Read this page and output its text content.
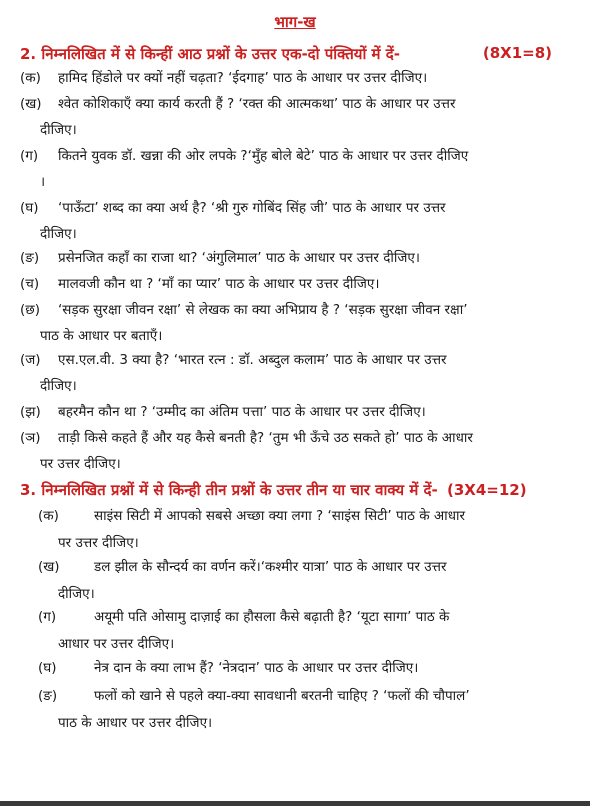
भाग-ख
2. निम्नलिखित में से किन्हीं आठ प्रश्नों के उत्तर एक-दो पंक्तियों में दें-	(8X1=8)
(क) हामिद हिंडोले पर क्यों नहीं चढ़ता? ‘ईदगाह’ पाठ के आधार पर उत्तर दीजिए।
(ख) श्वेत कोशिकाएँ क्या कार्य करती हैं ? ‘रक्त की आत्मकथा’ पाठ के आधार पर उत्तर
दीजिए।
(ग) कितने युवक डॉ. खन्ना की ओर लपके ?‘मुँह बोले बेटे’ पाठ के आधार पर उत्तर दीजिए
।
(घ) ‘पाऊँटा’ शब्द का क्या अर्थ है? ‘श्री गुरु गोबिंद सिंह जी’ पाठ के आधार पर उत्तर
दीजिए।
(ङ) प्रसेनजित कहाँ का राजा था? ‘अंगुलिमाल’ पाठ के आधार पर उत्तर दीजिए।
(च) मालवजी कौन था ? ‘माँ का प्यार’ पाठ के आधार पर उत्तर दीजिए।
(छ) ‘सड़क सुरक्षा जीवन रक्षा’ से लेखक का क्या अभिप्राय है ? ‘सड़क सुरक्षा जीवन रक्षा’
पाठ के आधार पर बताएँ।
(ज) एस.एल.वी. 3 क्या है? ‘भारत रत्न : डॉ. अब्दुल कलाम’ पाठ के आधार पर उत्तर
दीजिए।
(झ) बहरमैन कौन था ? ‘उम्मीद का अंतिम पत्ता’ पाठ के आधार पर उत्तर दीजिए।
(ञ) ताड़ी किसे कहते हैं और यह कैसे बनती है? ‘तुम भी ऊँचे उठ सकते हो’ पाठ के आधार
पर उत्तर दीजिए।
3. निम्नलिखित प्रश्नों में से किन्ही तीन प्रश्नों के उत्तर तीन या चार वाक्य में दें- (3X4=12)
(क)	साइंस सिटी में आपको सबसे अच्छा क्या लगा ? ‘साइंस सिटी’ पाठ के आधार
पर उत्तर दीजिए।
(ख)	डल झील के सौन्दर्य का वर्णन करें।‘कश्मीर यात्रा’ पाठ के आधार पर उत्तर
दीजिए।
(ग)	अयूमी पति ओसामु दाज़ाई का हौसला कैसे बढ़ाती है? ‘यूटा सागा’ पाठ के
आधार पर उत्तर दीजिए।
(घ)	नेत्र दान के क्या लाभ हैं? ‘नेत्रदान’ पाठ के आधार पर उत्तर दीजिए।
(ङ)	फलों को खाने से पहले क्या-क्या सावधानी बरतनी चाहिए ? ‘फलों की चौपाल’
पाठ के आधार पर उत्तर दीजिए।
